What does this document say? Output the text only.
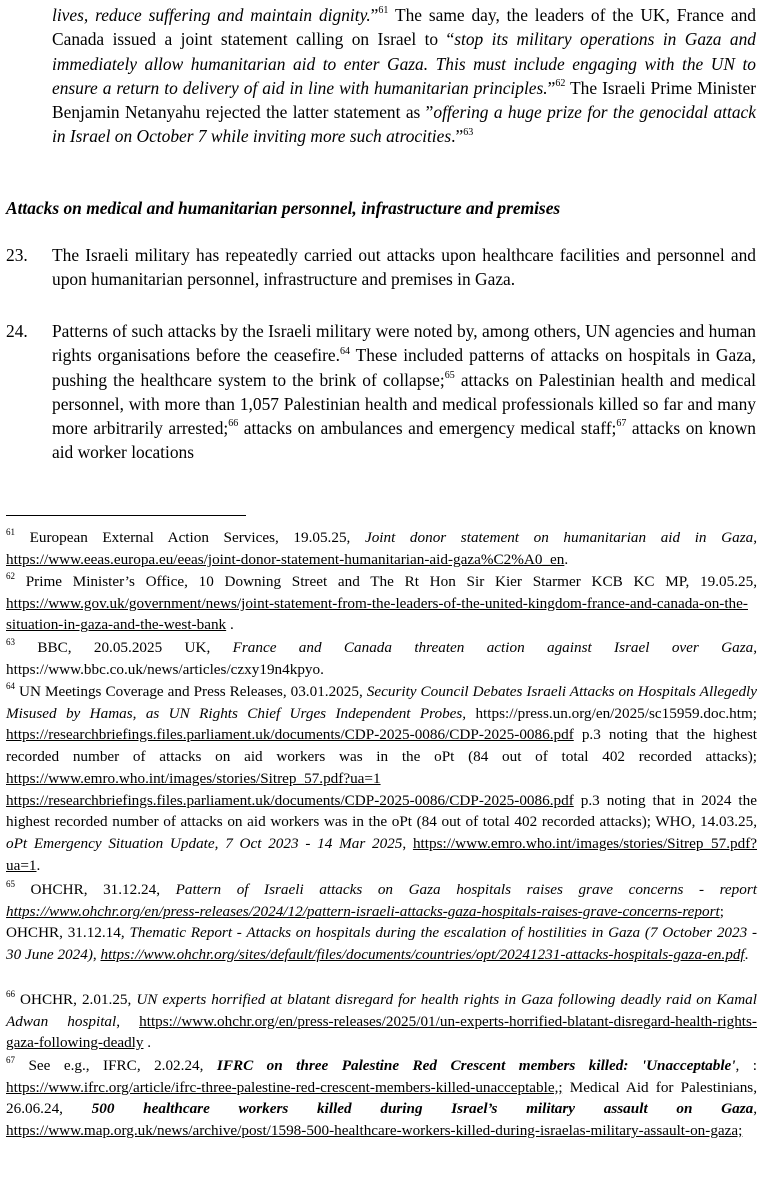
lives, reduce suffering and maintain dignity.”$^{61}$ The same day, the leaders of the UK, France and Canada issued a joint statement calling on Israel to “stop its military operations in Gaza and immediately allow humanitarian aid to enter Gaza. This must include engaging with the UN to ensure a return to delivery of aid in line with humanitarian principles.”$^{62}$ The Israeli Prime Minister Benjamin Netanyahu rejected the latter statement as ”offering a huge prize for the genocidal attack in Israel on October 7 while inviting more such atrocities.”$^{63}$
Attacks on medical and humanitarian personnel, infrastructure and premises
23. The Israeli military has repeatedly carried out attacks upon healthcare facilities and personnel and upon humanitarian personnel, infrastructure and premises in Gaza.
24. Patterns of such attacks by the Israeli military were noted by, among others, UN agencies and human rights organisations before the ceasefire.$^{64}$ These included patterns of attacks on hospitals in Gaza, pushing the healthcare system to the brink of collapse;$^{65}$ attacks on Palestinian health and medical personnel, with more than 1,057 Palestinian health and medical professionals killed so far and many more arbitrarily arrested;$^{66}$ attacks on ambulances and emergency medical staff;$^{67}$ attacks on known aid worker locations
$^{61}$ European External Action Services, 19.05.25, Joint donor statement on humanitarian aid in Gaza, https://www.eeas.europa.eu/eeas/joint-donor-statement-humanitarian-aid-gaza%C2%A0_en.
$^{62}$ Prime Minister’s Office, 10 Downing Street and The Rt Hon Sir Kier Starmer KCB KC MP, 19.05.25, https://www.gov.uk/government/news/joint-statement-from-the-leaders-of-the-united-kingdom-france-and-canada-on-the-situation-in-gaza-and-the-west-bank .
$^{63}$ BBC, 20.05.2025 UK, France and Canada threaten action against Israel over Gaza, https://www.bbc.co.uk/news/articles/czxy19n4kpyo.
$^{64}$ UN Meetings Coverage and Press Releases, 03.01.2025, Security Council Debates Israeli Attacks on Hospitals Allegedly Misused by Hamas, as UN Rights Chief Urges Independent Probes, https://press.un.org/en/2025/sc15959.doc.htm; https://researchbriefings.files.parliament.uk/documents/CDP-2025-0086/CDP-2025-0086.pdf p.3 noting that the highest recorded number of attacks on aid workers was in the oPt (84 out of total 402 recorded attacks); https://www.emro.who.int/images/stories/Sitrep_57.pdf?ua=1 https://researchbriefings.files.parliament.uk/documents/CDP-2025-0086/CDP-2025-0086.pdf p.3 noting that in 2024 the highest recorded number of attacks on aid workers was in the oPt (84 out of total 402 recorded attacks); WHO, 14.03.25, oPt Emergency Situation Update, 7 Oct 2023 - 14 Mar 2025, https://www.emro.who.int/images/stories/Sitrep_57.pdf?ua=1.
$^{65}$ OHCHR, 31.12.24, Pattern of Israeli attacks on Gaza hospitals raises grave concerns - report https://www.ohchr.org/en/press-releases/2024/12/pattern-israeli-attacks-gaza-hospitals-raises-grave-concerns-report; OHCHR, 31.12.14, Thematic Report - Attacks on hospitals during the escalation of hostilities in Gaza (7 October 2023 - 30 June 2024), https://www.ohchr.org/sites/default/files/documents/countries/opt/20241231-attacks-hospitals-gaza-en.pdf.
$^{66}$ OHCHR, 2.01.25, UN experts horrified at blatant disregard for health rights in Gaza following deadly raid on Kamal Adwan hospital, https://www.ohchr.org/en/press-releases/2025/01/un-experts-horrified-blatant-disregard-health-rights-gaza-following-deadly .
$^{67}$ See e.g., IFRC, 2.02.24, IFRC on three Palestine Red Crescent members killed: 'Unacceptable', : https://www.ifrc.org/article/ifrc-three-palestine-red-crescent-members-killed-unacceptable,; Medical Aid for Palestinians, 26.06.24, 500 healthcare workers killed during Israel’s military assault on Gaza, https://www.map.org.uk/news/archive/post/1598-500-healthcare-workers-killed-during-israelas-military-assault-on-gaza;
